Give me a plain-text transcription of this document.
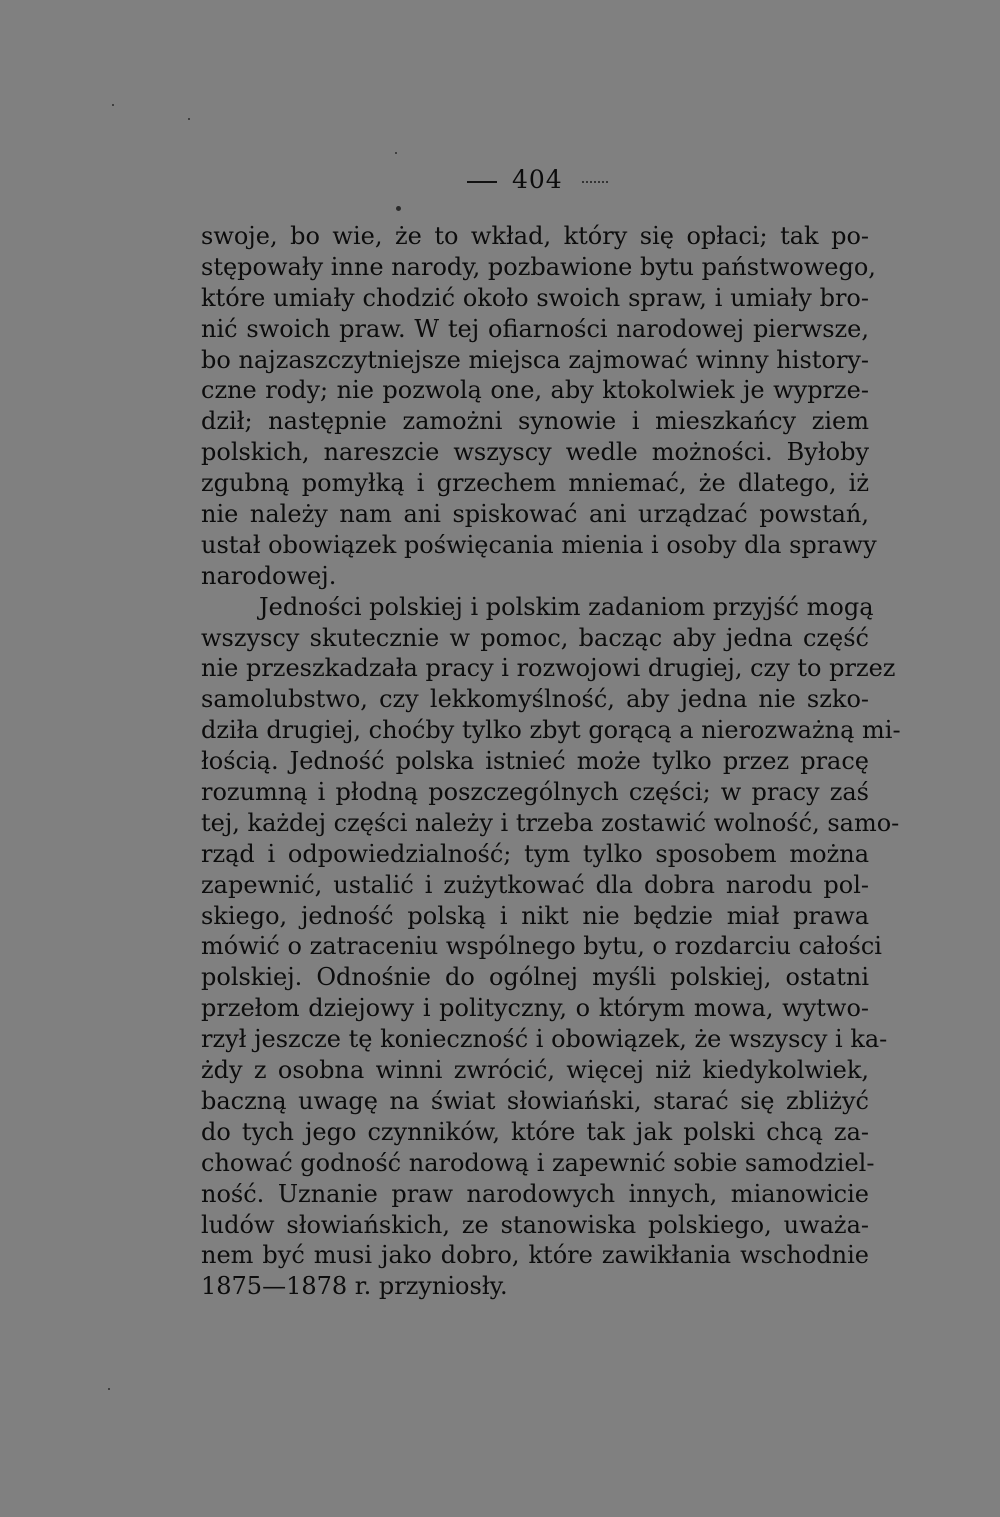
404
swoje, bo wie, że to wkład, który się opłaci; tak po-
stępowały inne narody, pozbawione bytu państwowego,
które umiały chodzić około swoich spraw, i umiały bro-
nić swoich praw. W tej ofiarności narodowej pierwsze,
bo najzaszczytniejsze miejsca zajmować winny history-
czne rody; nie pozwolą one, aby ktokolwiek je wyprze-
dził; następnie zamożni synowie i mieszkańcy ziem
polskich, nareszcie wszyscy wedle możności. Byłoby
zgubną pomyłką i grzechem mniemać, że dlatego, iż
nie należy nam ani spiskować ani urządzać powstań,
ustał obowiązek poświęcania mienia i osoby dla sprawy
narodowej.
Jedności polskiej i polskim zadaniom przyjść mogą
wszyscy skutecznie w pomoc, bacząc aby jedna część
nie przeszkadzała pracy i rozwojowi drugiej, czy to przez
samolubstwo, czy lekkomyślność, aby jedna nie szko-
dziła drugiej, choćby tylko zbyt gorącą a nierozważną mi-
łością. Jedność polska istnieć może tylko przez pracę
rozumną i płodną poszczególnych części; w pracy zaś
tej, każdej części należy i trzeba zostawić wolność, samo-
rząd i odpowiedzialność; tym tylko sposobem można
zapewnić, ustalić i zużytkować dla dobra narodu pol-
skiego, jedność polską i nikt nie będzie miał prawa
mówić o zatraceniu wspólnego bytu, o rozdarciu całości
polskiej. Odnośnie do ogólnej myśli polskiej, ostatni
przełom dziejowy i polityczny, o którym mowa, wytwo-
rzył jeszcze tę konieczność i obowiązek, że wszyscy i ka-
żdy z osobna winni zwrócić, więcej niż kiedykolwiek,
baczną uwagę na świat słowiański, starać się zbliżyć
do tych jego czynników, które tak jak polski chcą za-
chować godność narodową i zapewnić sobie samodziel-
ność. Uznanie praw narodowych innych, mianowicie
ludów słowiańskich, ze stanowiska polskiego, uważa-
nem być musi jako dobro, które zawikłania wschodnie
1875—1878 r. przyniosły.
